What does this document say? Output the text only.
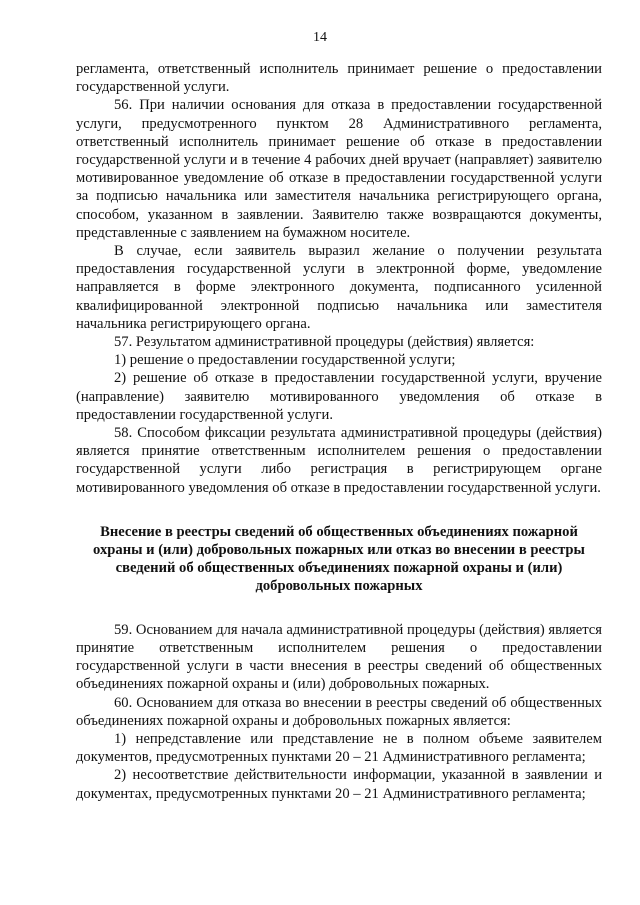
14

регламента, ответственный исполнитель принимает решение о предоставлении государственной услуги.

56. При наличии основания для отказа в предоставлении государственной услуги, предусмотренного пунктом 28 Административного регламента, ответственный исполнитель принимает решение об отказе в предоставлении государственной услуги и в течение 4 рабочих дней вручает (направляет) заявителю мотивированное уведомление об отказе в предоставлении государственной услуги за подписью начальника или заместителя начальника регистрирующего органа, способом, указанном в заявлении. Заявителю также возвращаются документы, представленные с заявлением на бумажном носителе.

В случае, если заявитель выразил желание о получении результата предоставления государственной услуги в электронной форме, уведомление направляется в форме электронного документа, подписанного усиленной квалифицированной электронной подписью начальника или заместителя начальника регистрирующего органа.

57. Результатом административной процедуры (действия) является:

1) решение о предоставлении государственной услуги;

2) решение об отказе в предоставлении государственной услуги, вручение (направление) заявителю мотивированного уведомления об отказе в предоставлении государственной услуги.

58. Способом фиксации результата административной процедуры (действия) является принятие ответственным исполнителем решения о предоставлении государственной услуги либо регистрация в регистрирующем органе мотивированного уведомления об отказе в предоставлении государственной услуги.

Внесение в реестры сведений об общественных объединениях пожарной охраны и (или) добровольных пожарных или отказ во внесении в реестры сведений об общественных объединениях пожарной охраны и (или) добровольных пожарных

59. Основанием для начала административной процедуры (действия) является принятие ответственным исполнителем решения о предоставлении государственной услуги в части внесения в реестры сведений об общественных объединениях пожарной охраны и (или) добровольных пожарных.

60. Основанием для отказа во внесении в реестры сведений об общественных объединениях пожарной охраны и добровольных пожарных является:

1) непредставление или представление не в полном объеме заявителем документов, предусмотренных пунктами 20 – 21 Административного регламента;

2) несоответствие действительности информации, указанной в заявлении и документах, предусмотренных пунктами 20 – 21 Административного регламента;
